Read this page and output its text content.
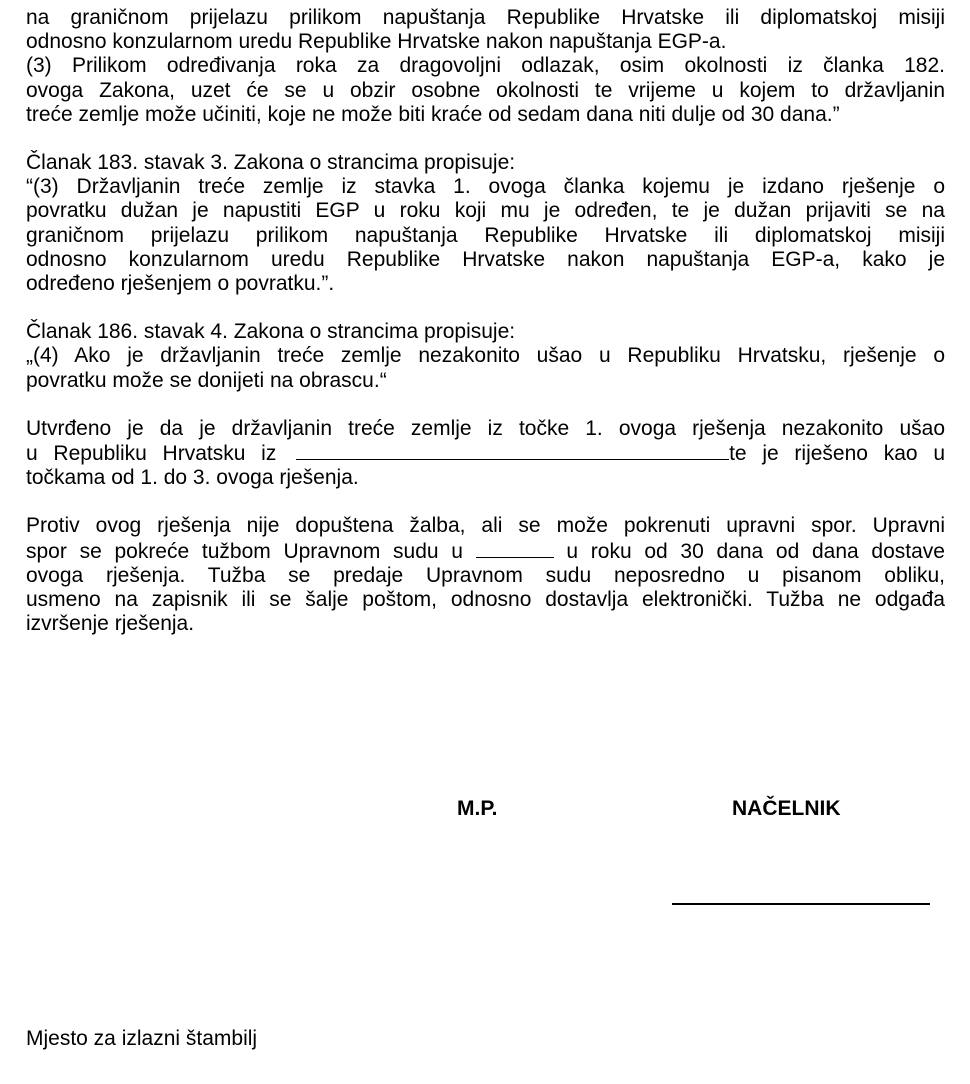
na graničnom prijelazu prilikom napuštanja Republike Hrvatske ili diplomatskoj misiji
odnosno konzularnom uredu Republike Hrvatske nakon napuštanja EGP-a.
(3) Prilikom određivanja roka za dragovoljni odlazak, osim okolnosti iz članka 182.
ovoga Zakona, uzet će se u obzir osobne okolnosti te vrijeme u kojem to državljanin
treće zemlje može učiniti, koje ne može biti kraće od sedam dana niti dulje od 30 dana.”
Članak 183. stavak 3. Zakona o strancima propisuje:
“(3) Državljanin treće zemlje iz stavka 1. ovoga članka kojemu je izdano rješenje o
povratku dužan je napustiti EGP u roku koji mu je određen, te je dužan prijaviti se na
graničnom prijelazu prilikom napuštanja Republike Hrvatske ili diplomatskoj misiji
odnosno konzularnom uredu Republike Hrvatske nakon napuštanja EGP-a, kako je
određeno rješenjem o povratku.”.
Članak 186. stavak 4. Zakona o strancima propisuje:
„(4) Ako je državljanin treće zemlje nezakonito ušao u Republiku Hrvatsku, rješenje o
povratku može se donijeti na obrascu.“
Utvrđeno je da je državljanin treće zemlje iz točke 1. ovoga rješenja nezakonito ušao
u Republiku Hrvatsku iz	te je riješeno kao u
točkama od 1. do 3. ovoga rješenja.
Protiv ovog rješenja nije dopuštena žalba, ali se može pokrenuti upravni spor. Upravni
spor se pokreće tužbom Upravnom sudu u	u roku od 30 dana od dana dostave
ovoga rješenja. Tužba se predaje Upravnom sudu neposredno u pisanom obliku,
usmeno na zapisnik ili se šalje poštom, odnosno dostavlja elektronički. Tužba ne odgađa
izvršenje rješenja.
M.P.	NAČELNIK
Mjesto za izlazni štambilj
